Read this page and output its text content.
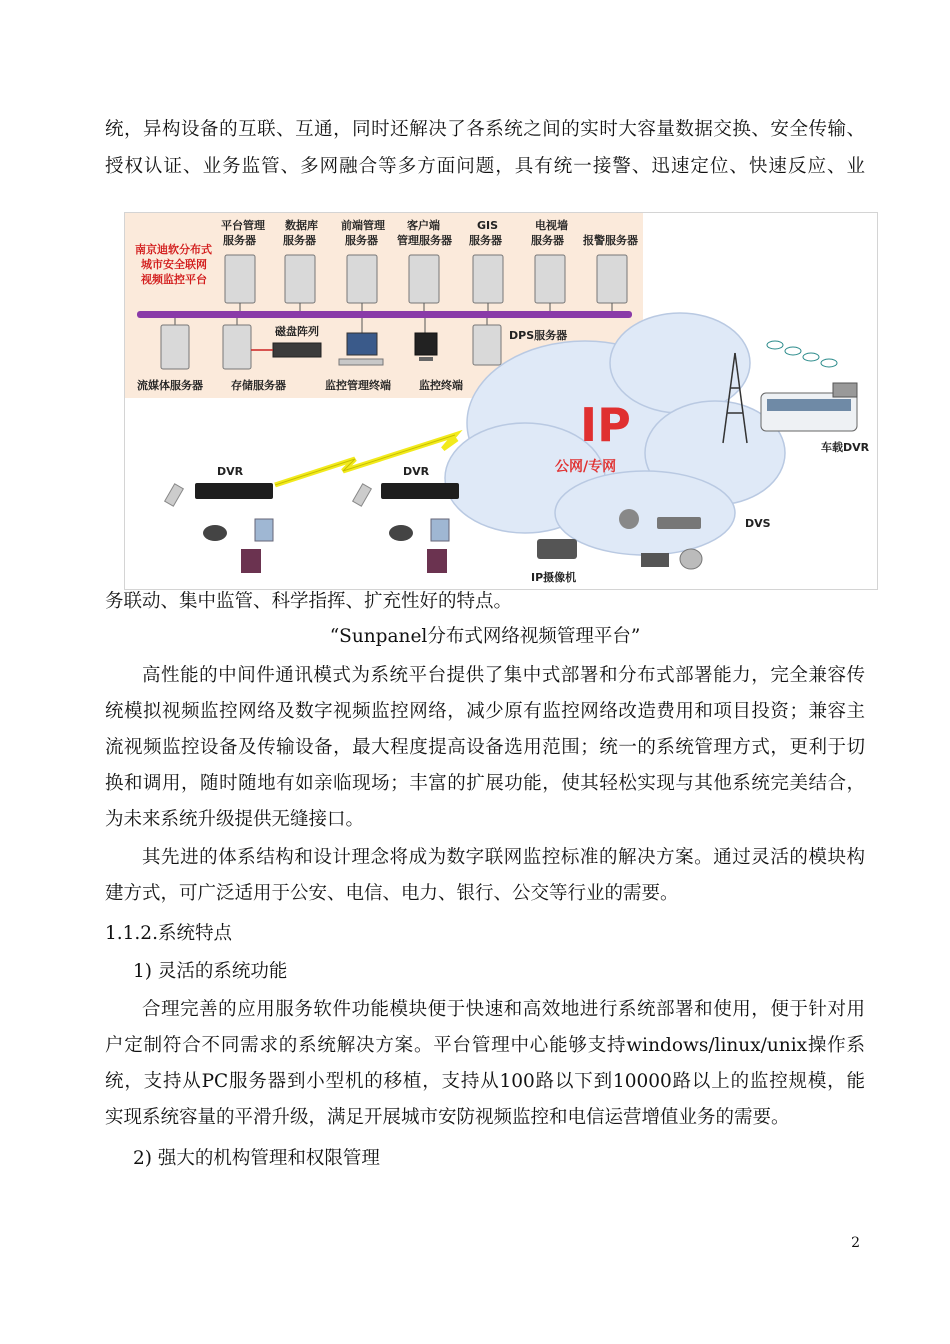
统，异构设备的互联、互通，同时还解决了各系统之间的实时大容量数据交换、安全传输、
授权认证、业务监管、多网融合等多方面问题，具有统一接警、迅速定位、快速反应、业
南京迪软分布式
城市安全联网
视频监控平台
平台管理
服务器
数据库
服务器
前端管理
服务器
客户端
管理服务器
GIS
服务器
电视墙
服务器 报警服务器
磁盘阵列	DPS服务器
流媒体服务器	存储服务器	监控管理终端	监控终端
IP
公网/专网
DVR	DVR
IP摄像机
DVS
车载DVR
务联动、集中监管、科学指挥、扩充性好的特点。
“Sunpanel分布式网络视频管理平台”
高性能的中间件通讯模式为系统平台提供了集中式部署和分布式部署能力，完全兼容传
统模拟视频监控网络及数字视频监控网络，减少原有监控网络改造费用和项目投资；兼容主
流视频监控设备及传输设备，最大程度提高设备选用范围；统一的系统管理方式，更利于切
换和调用，随时随地有如亲临现场；丰富的扩展功能，使其轻松实现与其他系统完美结合，
为未来系统升级提供无缝接口。
其先进的体系结构和设计理念将成为数字联网监控标准的解决方案。通过灵活的模块构
建方式，可广泛适用于公安、电信、电力、银行、公交等行业的需要。
1.1.2.系统特点
1) 灵活的系统功能
合理完善的应用服务软件功能模块便于快速和高效地进行系统部署和使用，便于针对用
户定制符合不同需求的系统解决方案。平台管理中心能够支持windows/linux/unix操作系
统，支持从PC服务器到小型机的移植，支持从100路以下到10000路以上的监控规模，能
实现系统容量的平滑升级，满足开展城市安防视频监控和电信运营增值业务的需要。
2) 强大的机构管理和权限管理
2
